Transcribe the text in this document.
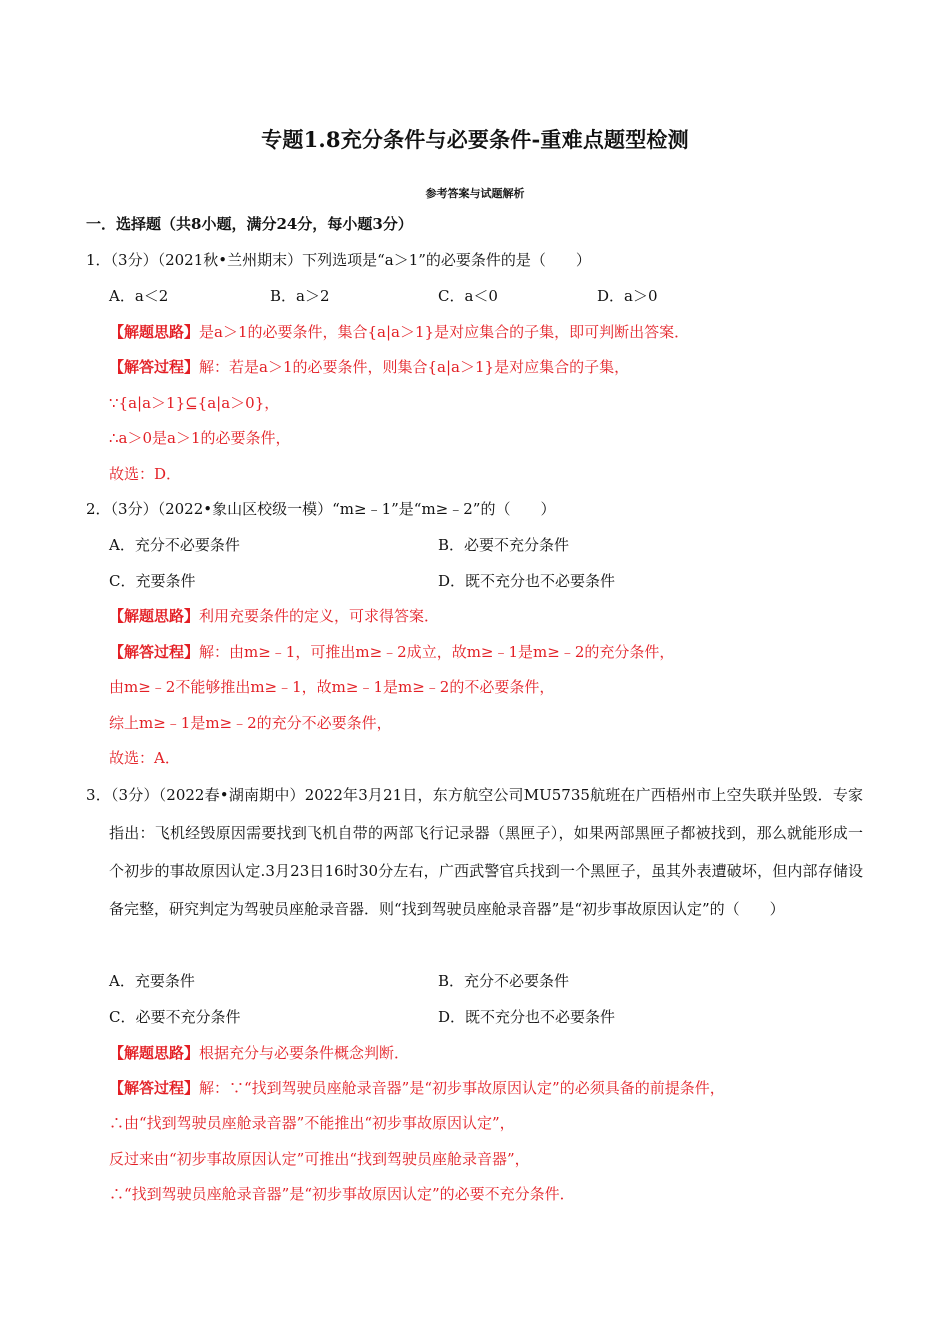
专题1.8充分条件与必要条件-重难点题型检测
参考答案与试题解析
一．选择题（共8小题，满分24分，每小题3分）
1．（3分）（2021秋•兰州期末）下列选项是“a＞1”的必要条件的是（　　）
A．a＜2	B．a＞2	C．a＜0	D．a＞0
【解题思路】是a＞1的必要条件，集合{a|a＞1}是对应集合的子集，即可判断出答案．
【解答过程】解：若是a＞1的必要条件，则集合{a|a＞1}是对应集合的子集，
∵{a|a＞1}⊆{a|a＞0}，
∴a＞0是a＞1的必要条件，
故选：D．
2．（3分）（2022•象山区校级一模）“m≥﹣1”是“m≥﹣2”的（　　）
A．充分不必要条件	B．必要不充分条件
C．充要条件	D．既不充分也不必要条件
【解题思路】利用充要条件的定义，可求得答案．
【解答过程】解：由m≥﹣1，可推出m≥﹣2成立，故m≥﹣1是m≥﹣2的充分条件，
由m≥﹣2不能够推出m≥﹣1，故m≥﹣1是m≥﹣2的不必要条件，
综上m≥﹣1是m≥﹣2的充分不必要条件，
故选：A．
3．（3分）（2022春•湖南期中）2022年3月21日，东方航空公司MU5735航班在广西梧州市上空失联并坠毁．专家指出：飞机经毁原因需要找到飞机自带的两部飞行记录器（黑匣子），如果两部黑匣子都被找到，那么就能形成一个初步的事故原因认定.3月23日16时30分左右，广西武警官兵找到一个黑匣子，虽其外表遭破坏，但内部存储设备完整，研究判定为驾驶员座舱录音器．则“找到驾驶员座舱录音器”是“初步事故原因认定”的（　　）
A．充要条件	B．充分不必要条件
C．必要不充分条件	D．既不充分也不必要条件
【解题思路】根据充分与必要条件概念判断．
【解答过程】解：∵“找到驾驶员座舱录音器”是“初步事故原因认定”的必须具备的前提条件，
∴由“找到驾驶员座舱录音器”不能推出“初步事故原因认定”，
反过来由“初步事故原因认定”可推出“找到驾驶员座舱录音器”，
∴“找到驾驶员座舱录音器”是“初步事故原因认定”的必要不充分条件．
